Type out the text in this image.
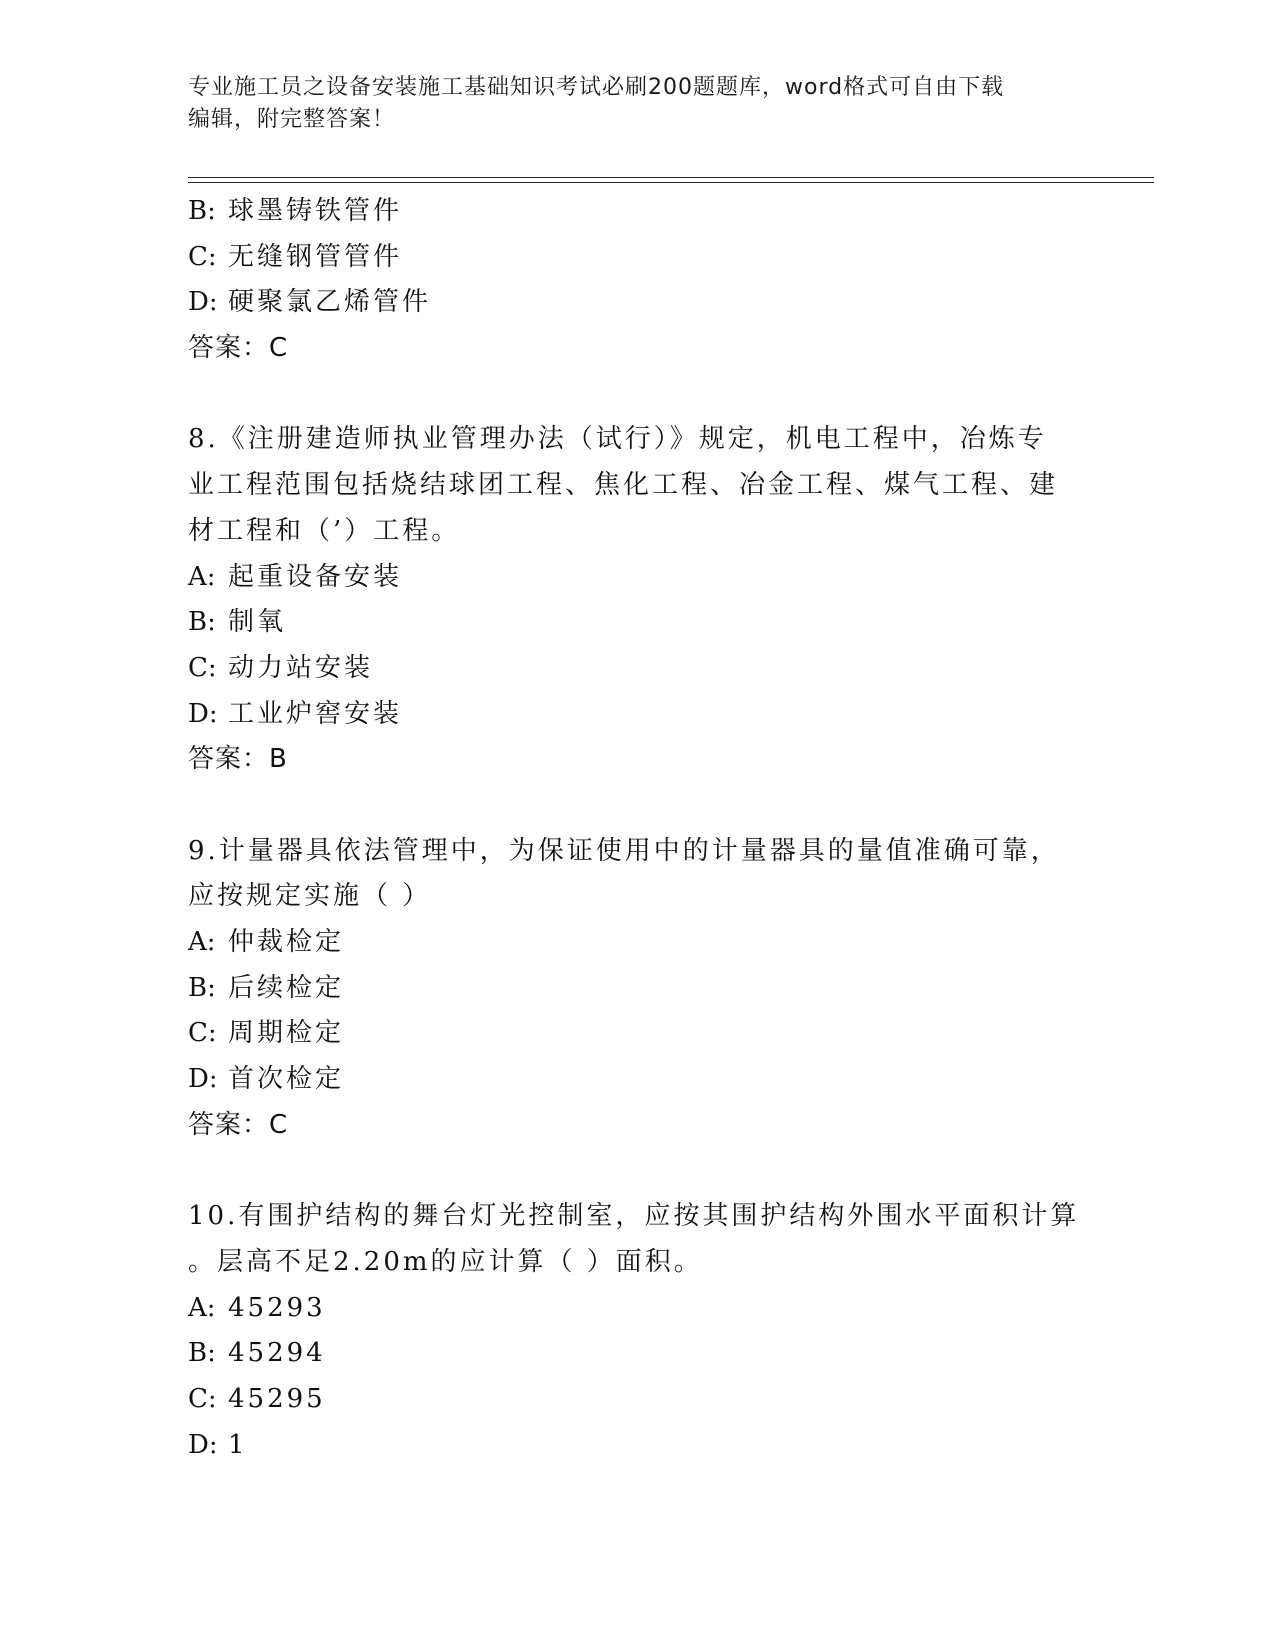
专业施工员之设备安装施工基础知识考试必刷200题题库，word格式可自由下载
编辑，附完整答案！
B: 球墨铸铁管件
C: 无缝钢管管件
D: 硬聚氯乙烯管件
答案：C
8.《注册建造师执业管理办法（试行）》规定，机电工程中，冶炼专
业工程范围包括烧结球团工程、焦化工程、冶金工程、煤气工程、建
材工程和（’）工程。
A: 起重设备安装
B: 制氧
C: 动力站安装
D: 工业炉窖安装
答案：B
9.计量器具依法管理中，为保证使用中的计量器具的量值准确可靠，
应按规定实施（ ）
A: 仲裁检定
B: 后续检定
C: 周期检定
D: 首次检定
答案：C
10.有围护结构的舞台灯光控制室，应按其围护结构外围水平面积计算
。层高不足2.20m的应计算（ ）面积。
A: 45293
B: 45294
C: 45295
D: 1
